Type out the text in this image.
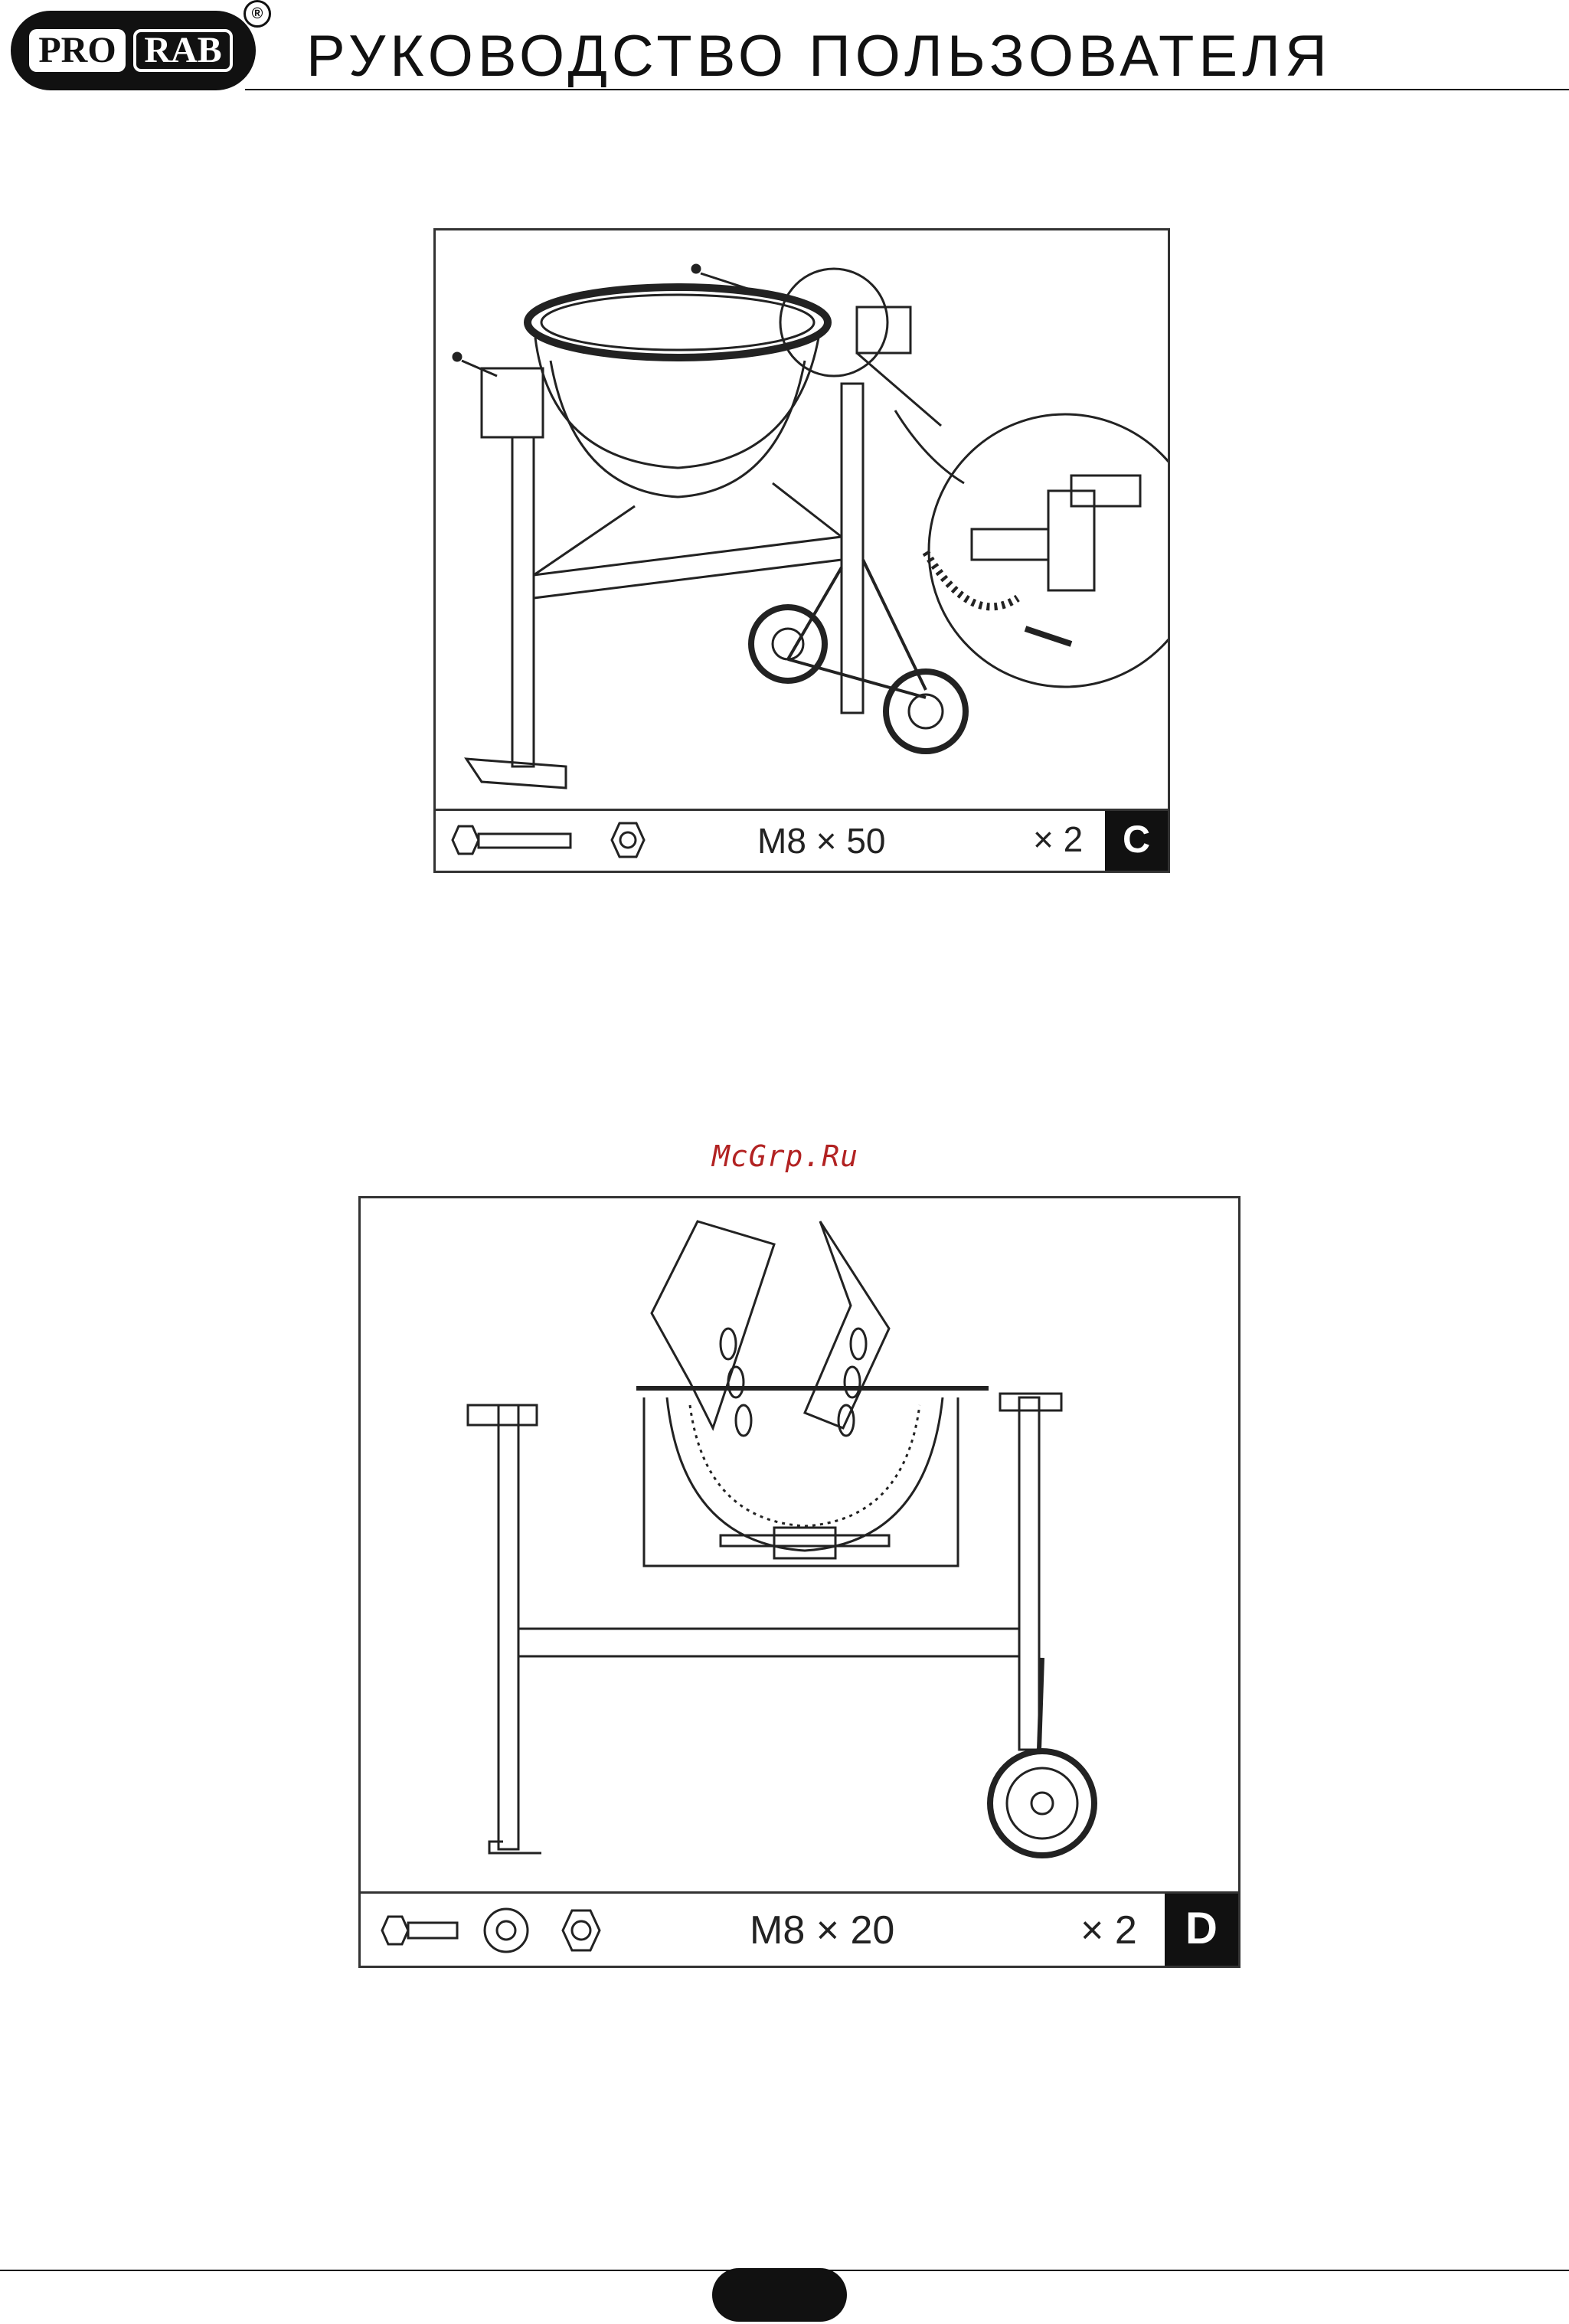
PRO RAB
®
РУКОВОДСТВО ПОЛЬЗОВАТЕЛЯ
M8 × 50	× 2	C
McGrp.Ru
M8 × 20	× 2	D
